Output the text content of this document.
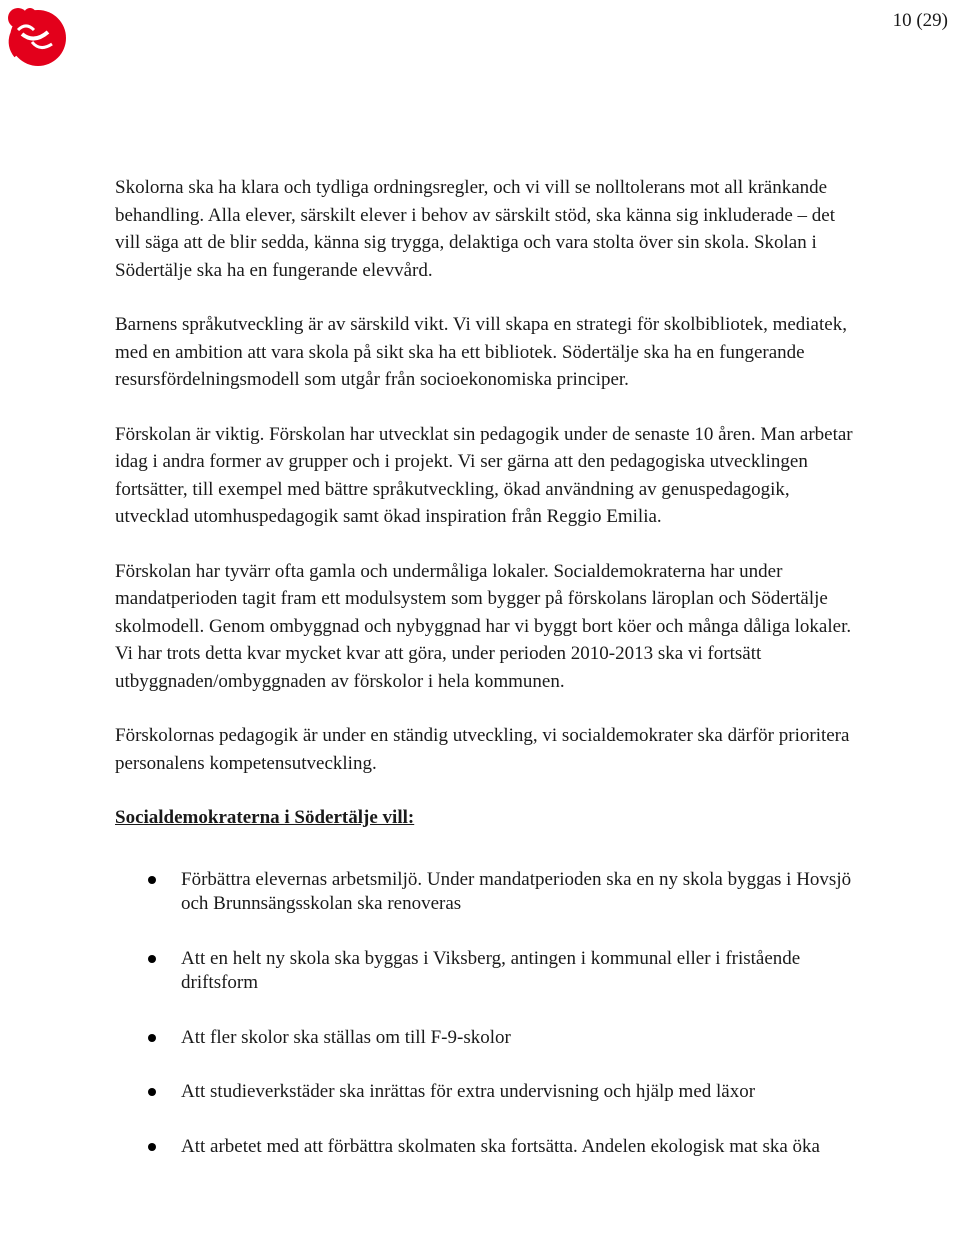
10 (29)

Skolorna ska ha klara och tydliga ordningsregler, och vi vill se nolltolerans mot all kränkande behandling. Alla elever, särskilt elever i behov av särskilt stöd, ska känna sig inkluderade – det vill säga att de blir sedda, känna sig trygga, delaktiga och vara stolta över sin skola. Skolan i Södertälje ska ha en fungerande elevvård.

Barnens språkutveckling är av särskild vikt. Vi vill skapa en strategi för skolbibliotek, mediatek, med en ambition att vara skola på sikt ska ha ett bibliotek. Södertälje ska ha en fungerande resursfördelningsmodell som utgår från socioekonomiska principer.

Förskolan är viktig. Förskolan har utvecklat sin pedagogik under de senaste 10 åren. Man arbetar idag i andra former av grupper och i projekt. Vi ser gärna att den pedagogiska utvecklingen fortsätter, till exempel med bättre språkutveckling, ökad användning av genuspedagogik, utvecklad utomhuspedagogik samt ökad inspiration från Reggio Emilia.

Förskolan har tyvärr ofta gamla och undermåliga lokaler. Socialdemokraterna har under mandatperioden tagit fram ett modulsystem som bygger på förskolans läroplan och Södertälje skolmodell. Genom ombyggnad och nybyggnad har vi byggt bort köer och många dåliga lokaler. Vi har trots detta kvar mycket kvar att göra, under perioden 2010-2013 ska vi fortsätt utbyggnaden/ombyggnaden av förskolor i hela kommunen.

Förskolornas pedagogik är under en ständig utveckling, vi socialdemokrater ska därför prioritera personalens kompetensutveckling.

Socialdemokraterna i Södertälje vill:

Förbättra elevernas arbetsmiljö. Under mandatperioden ska en ny skola byggas i Hovsjö och Brunnsängsskolan ska renoveras
Att en helt ny skola ska byggas i Viksberg, antingen i kommunal eller i fristående driftsform
Att fler skolor ska ställas om till F-9-skolor
Att studieverkstäder ska inrättas för extra undervisning och hjälp med läxor
Att arbetet med att förbättra skolmaten ska fortsätta. Andelen ekologisk mat ska öka
